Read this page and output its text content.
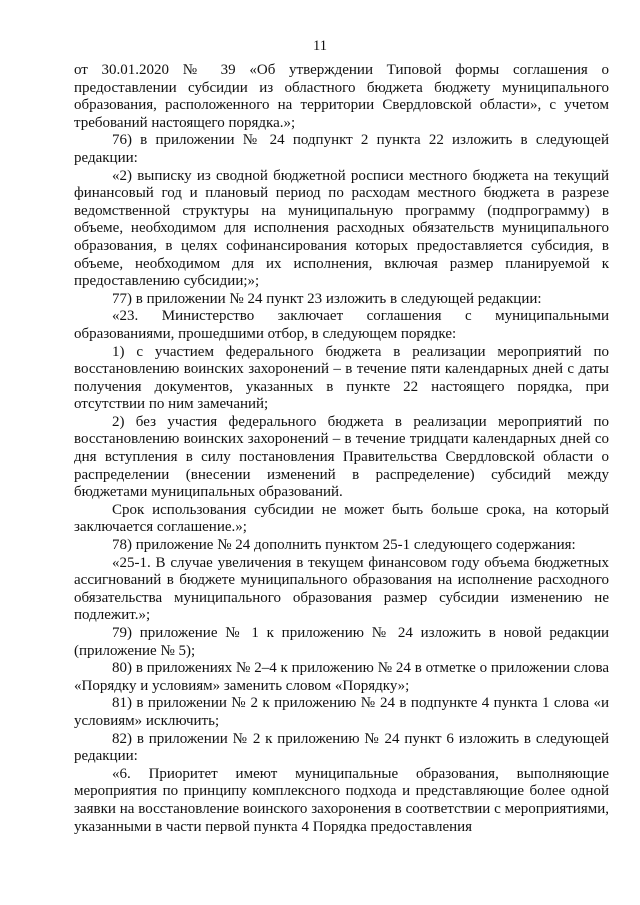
11

от 30.01.2020 № 39 «Об утверждении Типовой формы соглашения о предоставлении субсидии из областного бюджета бюджету муниципального образования, расположенного на территории Свердловской области», с учетом требований настоящего порядка.»;

76) в приложении № 24 подпункт 2 пункта 22 изложить в следующей редакции:

«2) выписку из сводной бюджетной росписи местного бюджета на текущий финансовый год и плановый период по расходам местного бюджета в разрезе ведомственной структуры на муниципальную программу (подпрограмму) в объеме, необходимом для исполнения расходных обязательств муниципального образования, в целях софинансирования которых предоставляется субсидия, в объеме, необходимом для их исполнения, включая размер планируемой к предоставлению субсидии;»;

77) в приложении № 24 пункт 23 изложить в следующей редакции:

«23. Министерство заключает соглашения с муниципальными образованиями, прошедшими отбор, в следующем порядке:

1) с участием федерального бюджета в реализации мероприятий по восстановлению воинских захоронений – в течение пяти календарных дней с даты получения документов, указанных в пункте 22 настоящего порядка, при отсутствии по ним замечаний;

2) без участия федерального бюджета в реализации мероприятий по восстановлению воинских захоронений – в течение тридцати календарных дней со дня вступления в силу постановления Правительства Свердловской области о распределении (внесении изменений в распределение) субсидий между бюджетами муниципальных образований.

Срок использования субсидии не может быть больше срока, на который заключается соглашение.»;

78) приложение № 24 дополнить пунктом 25-1 следующего содержания:

«25-1. В случае увеличения в текущем финансовом году объема бюджетных ассигнований в бюджете муниципального образования на исполнение расходного обязательства муниципального образования размер субсидии изменению не подлежит.»;

79) приложение № 1 к приложению № 24 изложить в новой редакции (приложение № 5);

80) в приложениях № 2–4 к приложению № 24 в отметке о приложении слова «Порядку и условиям» заменить словом «Порядку»;

81) в приложении № 2 к приложению № 24 в подпункте 4 пункта 1 слова «и условиям» исключить;

82) в приложении № 2 к приложению № 24 пункт 6 изложить в следующей редакции:

«6. Приоритет имеют муниципальные образования, выполняющие мероприятия по принципу комплексного подхода и представляющие более одной заявки на восстановление воинского захоронения в соответствии с мероприятиями, указанными в части первой пункта 4 Порядка предоставления
